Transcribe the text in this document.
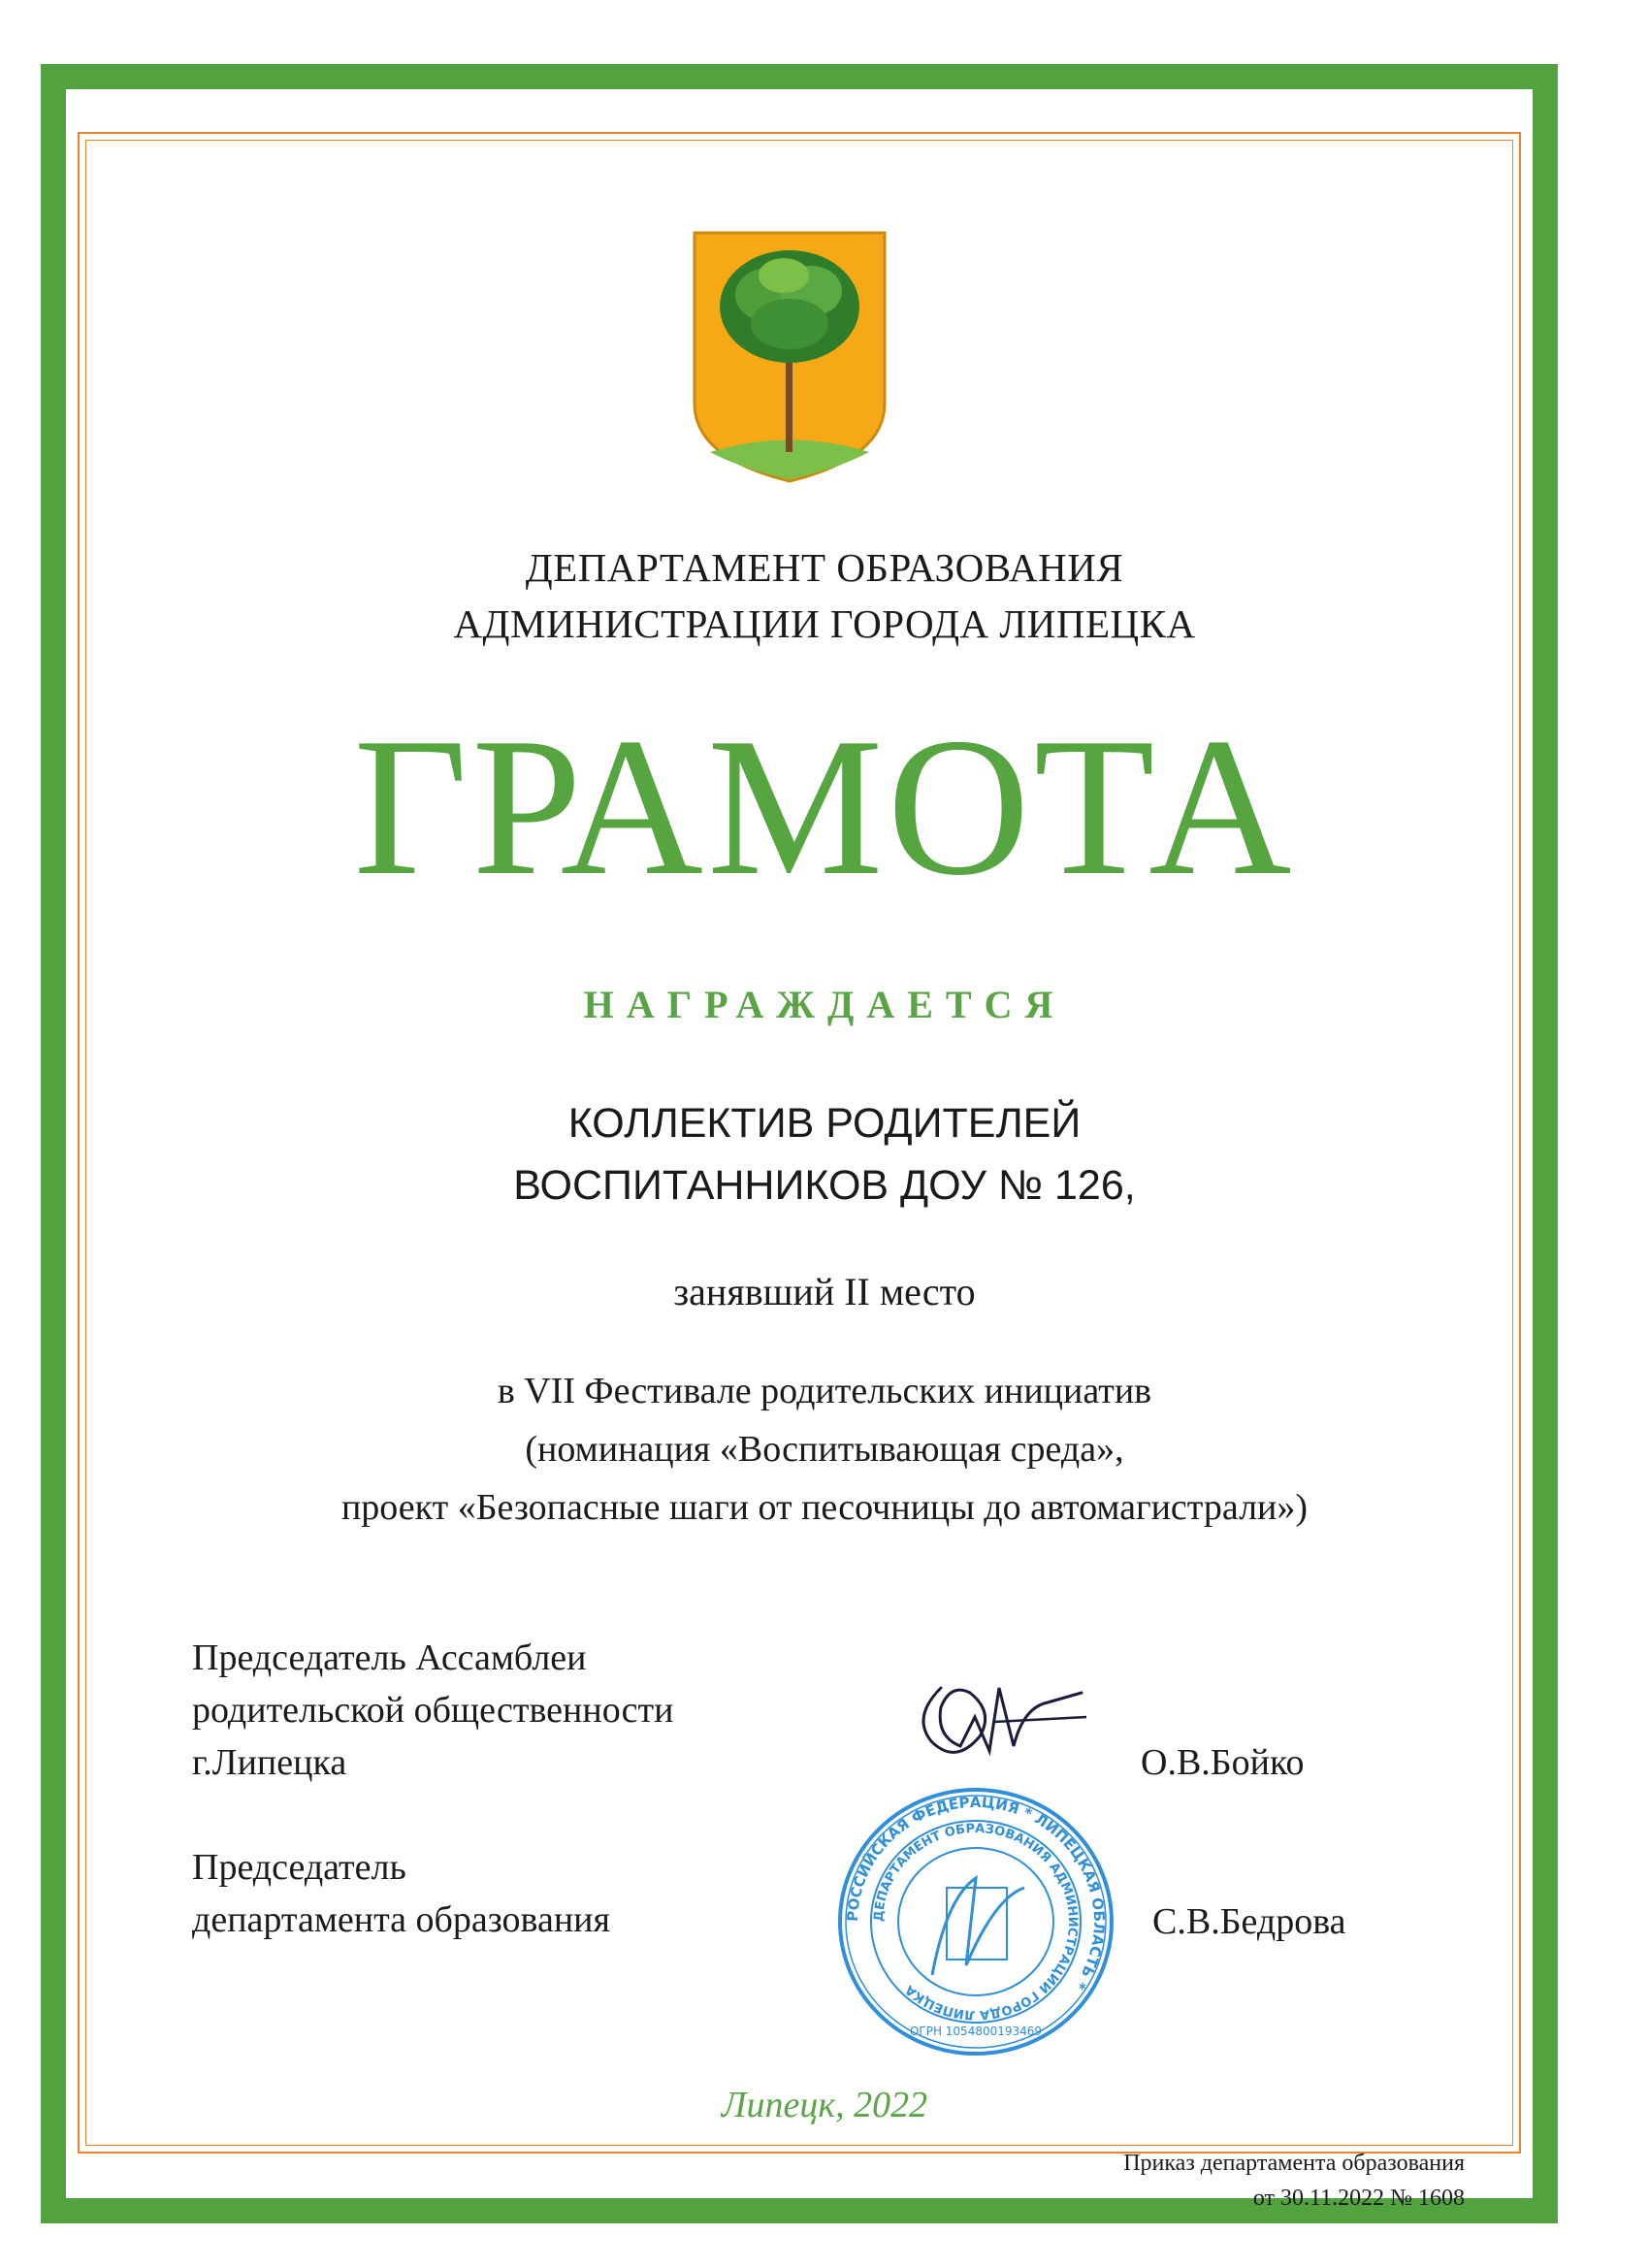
ДЕПАРТАМЕНТ ОБРАЗОВАНИЯ
АДМИНИСТРАЦИИ ГОРОДА ЛИПЕЦКА
ГРАМОТА
НАГРАЖДАЕТСЯ
КОЛЛЕКТИВ РОДИТЕЛЕЙ
ВОСПИТАННИКОВ ДОУ № 126,
занявший II место
в VII Фестивале родительских инициатив
(номинация «Воспитывающая среда»,
проект «Безопасные шаги от песочницы до автомагистрали»)
Председатель Ассамблеи
родительской общественности
г.Липецка	О.В.Бойко
Председатель
департамента образования	С.В.Бедрова
РОССИЙСКАЯ ФЕДЕРАЦИЯ * ЛИПЕЦКАЯ ОБЛАСТЬ *
ДЕПАРТАМЕНТ ОБРАЗОВАНИЯ АДМИНИСТРАЦИИ ГОРОДА ЛИПЕЦКА
ОГРН 1054800193469
Липецк, 2022
Приказ департамента образования
от 30.11.2022 № 1608
